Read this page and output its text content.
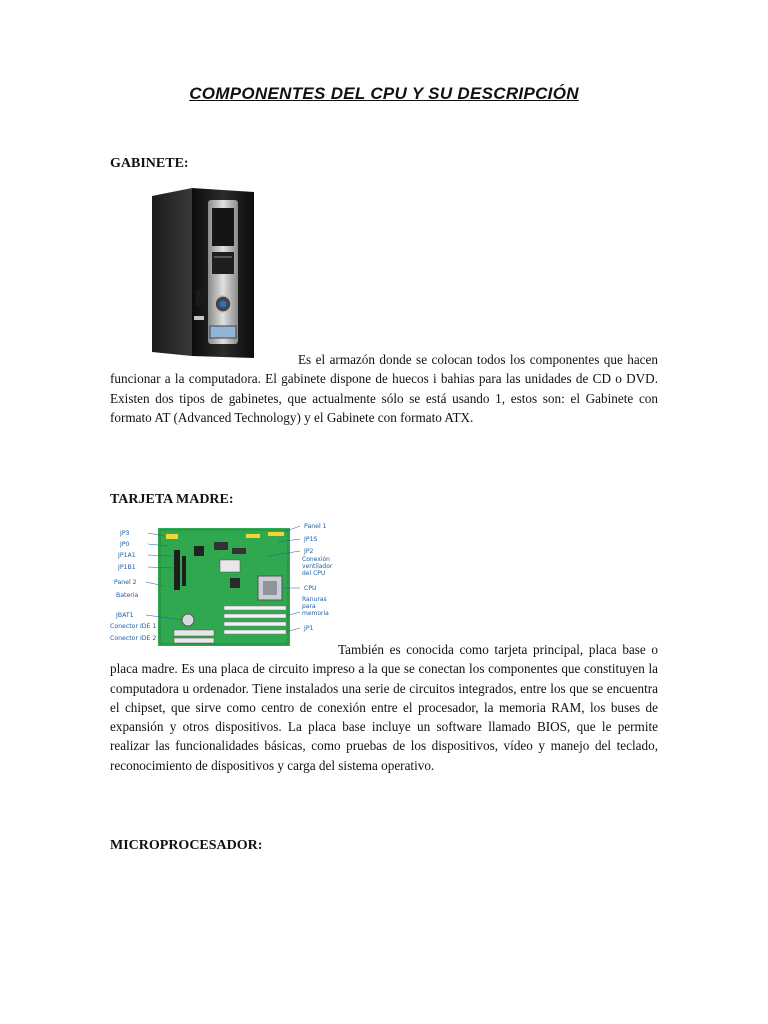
COMPONENTES DEL CPU Y SU DESCRIPCIÓN
GABINETE:

Es el armazón donde se colocan todos los componentes que hacen funcionar a la computadora. El gabinete dispone de huecos i bahias para las unidades de CD o DVD. Existen dos tipos de gabinetes, que actualmente sólo se está usando 1, estos son: el Gabinete con formato AT (Advanced Technology) y el Gabinete con formato ATX.

TARJETA MADRE:
JP3
JP0
JP1A1
JP1B1
Panel 2
Bateria
JBAT1
Conector IDE 1
Conector IDE 2
Panel 1
JP1S
JP2
Conexión ventilador del CPU
CPU
Ranuras para memoria
JP1

También es conocida como tarjeta principal, placa base o placa madre. Es una placa de circuito impreso a la que se conectan los componentes que constituyen la computadora u ordenador. Tiene instalados una serie de circuitos integrados, entre los que se encuentra el chipset, que sirve como centro de conexión entre el procesador, la memoria RAM, los buses de expansión y otros dispositivos. La placa base incluye un software llamado BIOS, que le permite realizar las funcionalidades básicas, como pruebas de los dispositivos, vídeo y manejo del teclado, reconocimiento de dispositivos y carga del sistema operativo.

MICROPROCESADOR:
